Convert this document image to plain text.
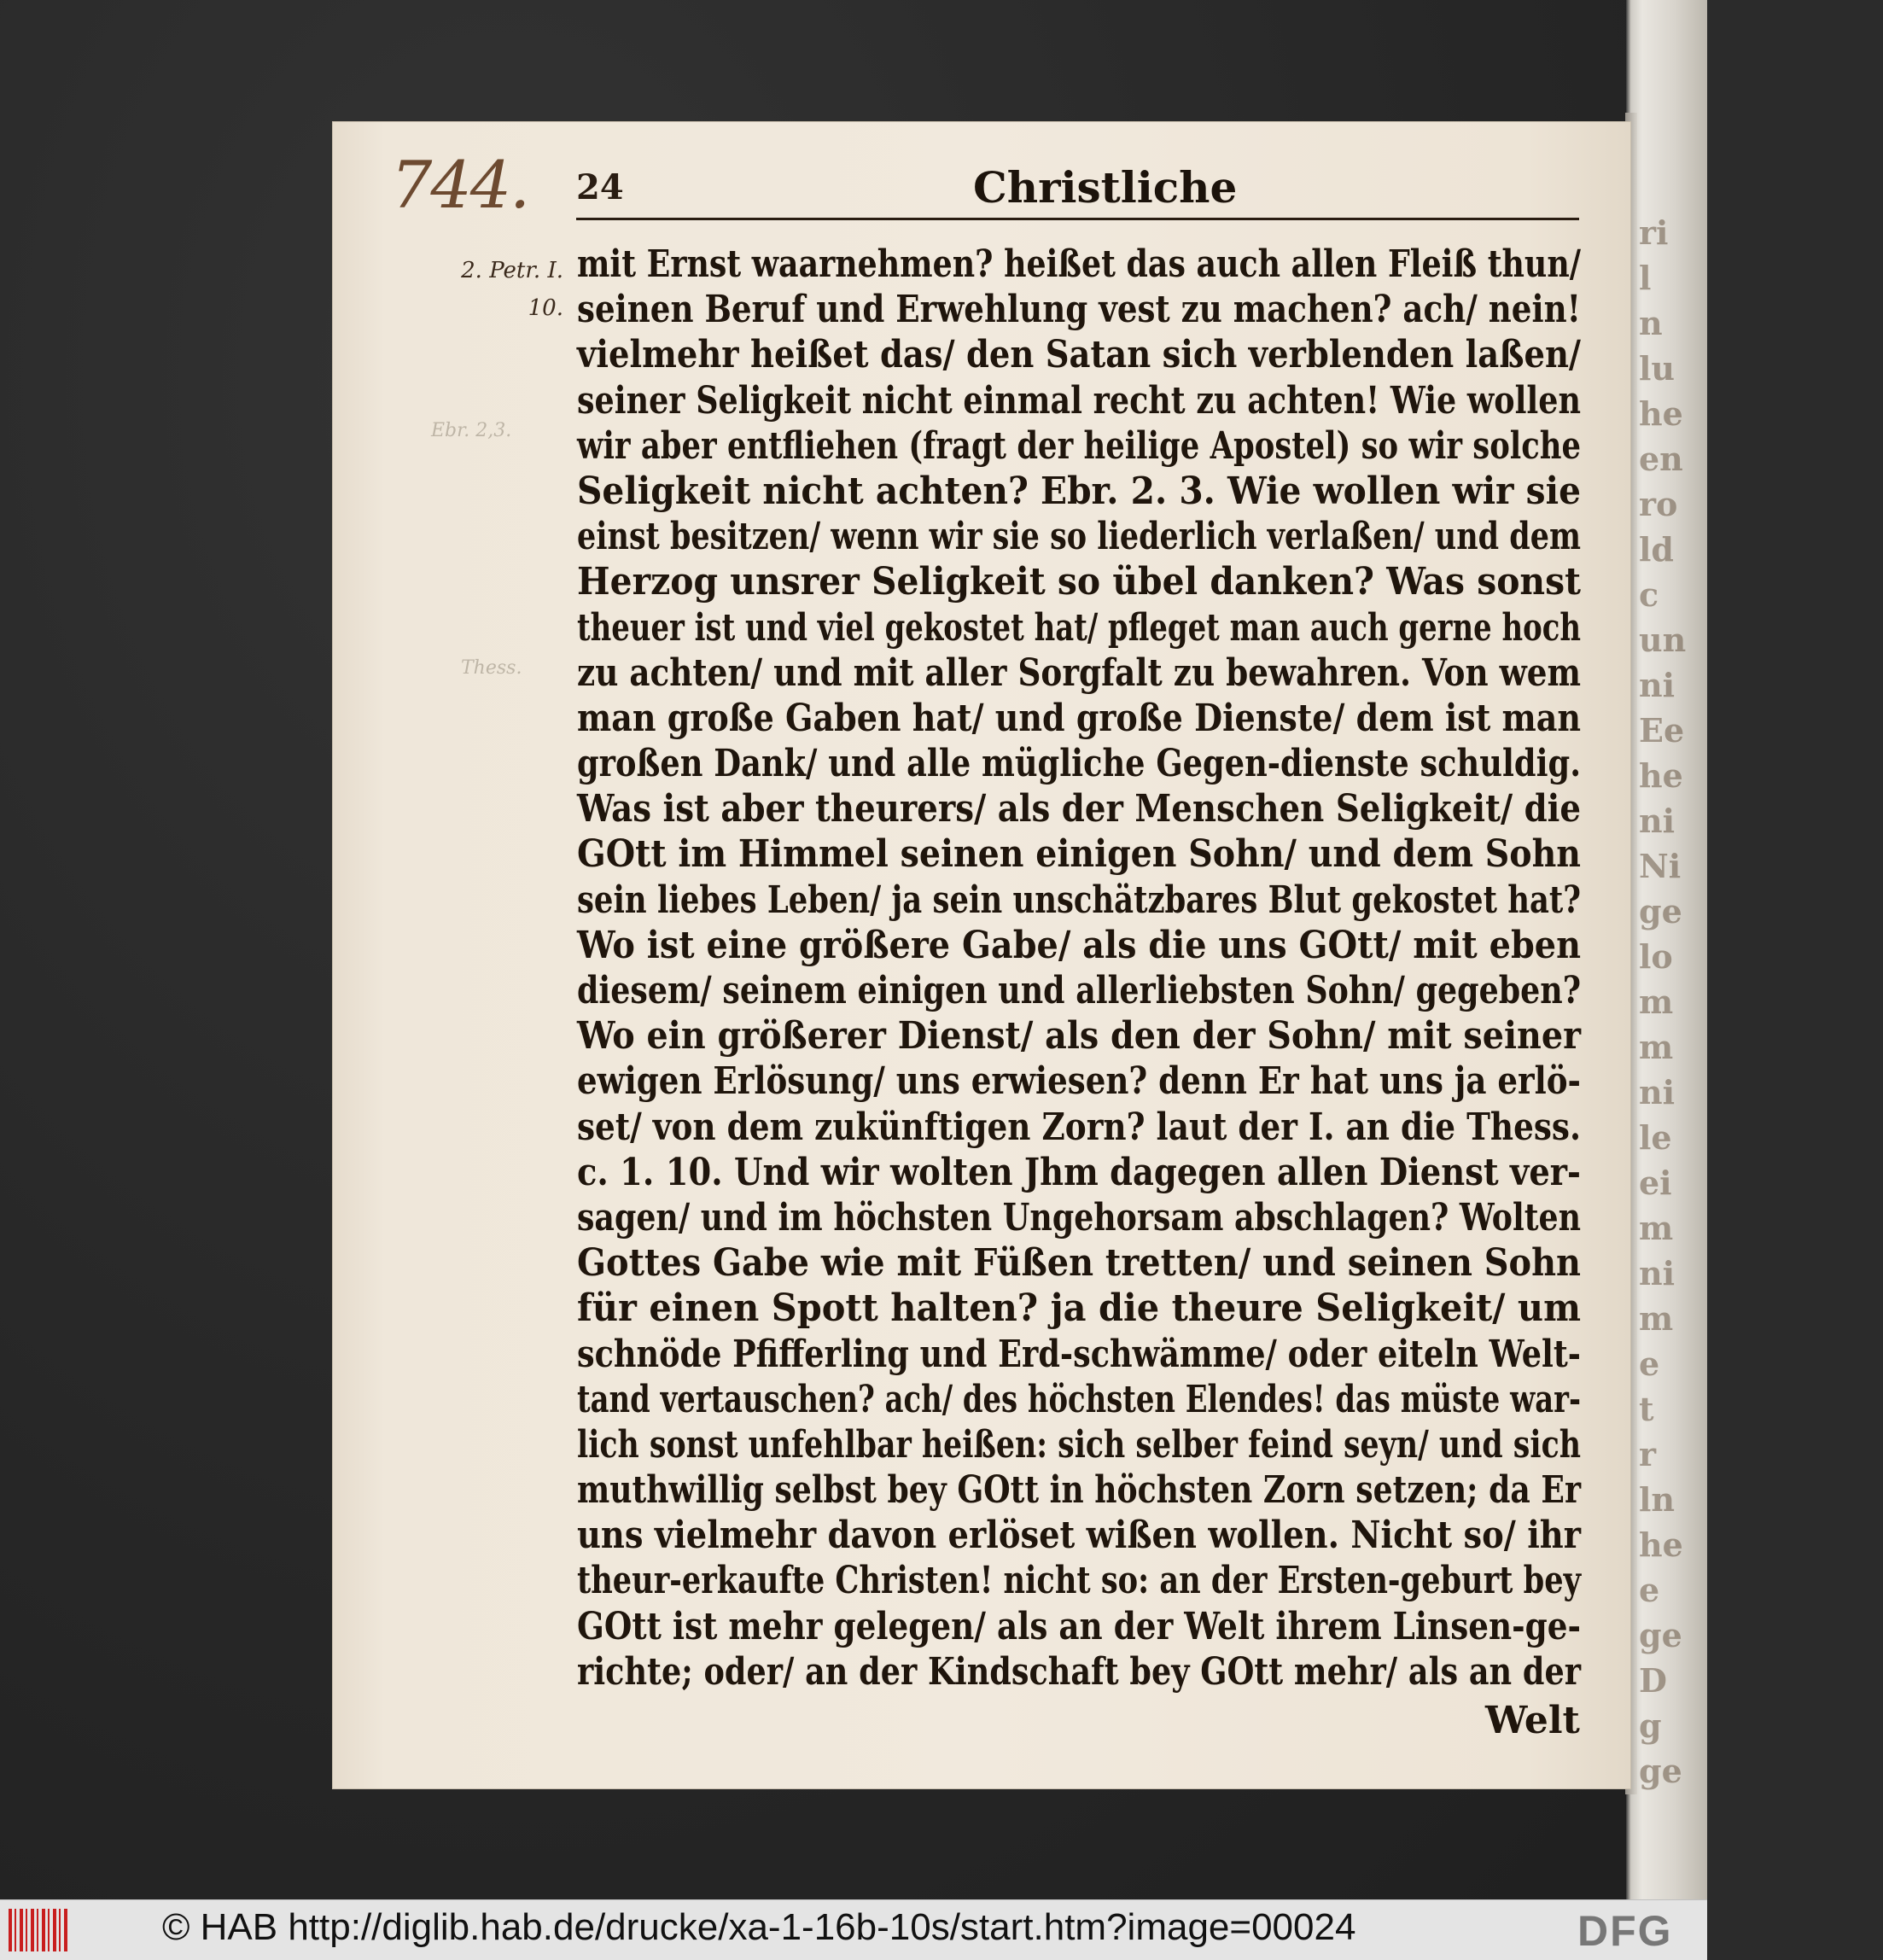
ri
l
n
lu
he
en
ro
ld
c
un
ni
Ee
he
ni
Ni
ge
lo
m
m
ni
le
ei
m
ni
m
e
t
r
ln
he
e
ge
D
g
ge
744. 24	Christliche
2. Petr. I.
10.
Ebr. 2,3.
Thess.
mit Ernst waarnehmen? heißet das auch allen Fleiß thun/
seinen Beruf und Erwehlung vest zu machen? ach/ nein!
vielmehr heißet das/ den Satan sich verblenden laßen/
seiner Seligkeit nicht einmal recht zu achten! Wie wollen
wir aber entfliehen (fragt der heilige Apostel) so wir solche
Seligkeit nicht achten? Ebr. 2. 3. Wie wollen wir sie
einst besitzen/ wenn wir sie so liederlich verlaßen/ und dem
Herzog unsrer Seligkeit so übel danken? Was sonst
theuer ist und viel gekostet hat/ pfleget man auch gerne hoch
zu achten/ und mit aller Sorgfalt zu bewahren. Von wem
man große Gaben hat/ und große Dienste/ dem ist man
großen Dank/ und alle mügliche Gegen-dienste schuldig.
Was ist aber theurers/ als der Menschen Seligkeit/ die
GOtt im Himmel seinen einigen Sohn/ und dem Sohn
sein liebes Leben/ ja sein unschätzbares Blut gekostet hat?
Wo ist eine größere Gabe/ als die uns GOtt/ mit eben
diesem/ seinem einigen und allerliebsten Sohn/ gegeben?
Wo ein größerer Dienst/ als den der Sohn/ mit seiner
ewigen Erlösung/ uns erwiesen? denn Er hat uns ja erlö-
set/ von dem zukünftigen Zorn? laut der I. an die Thess.
c. 1. 10. Und wir wolten Jhm dagegen allen Dienst ver-
sagen/ und im höchsten Ungehorsam abschlagen? Wolten
Gottes Gabe wie mit Füßen tretten/ und seinen Sohn
für einen Spott halten? ja die theure Seligkeit/ um
schnöde Pfifferling und Erd-schwämme/ oder eiteln Welt-
tand vertauschen? ach/ des höchsten Elendes! das müste war-
lich sonst unfehlbar heißen: sich selber feind seyn/ und sich
muthwillig selbst bey GOtt in höchsten Zorn setzen; da Er
uns vielmehr davon erlöset wißen wollen. Nicht so/ ihr
theur-erkaufte Christen! nicht so: an der Ersten-geburt bey
GOtt ist mehr gelegen/ als an der Welt ihrem Linsen-ge-
richte; oder/ an der Kindschaft bey GOtt mehr/ als an der
Welt
© HAB http://diglib.hab.de/drucke/xa-1-16b-10s/start.htm?image=00024	DFG
